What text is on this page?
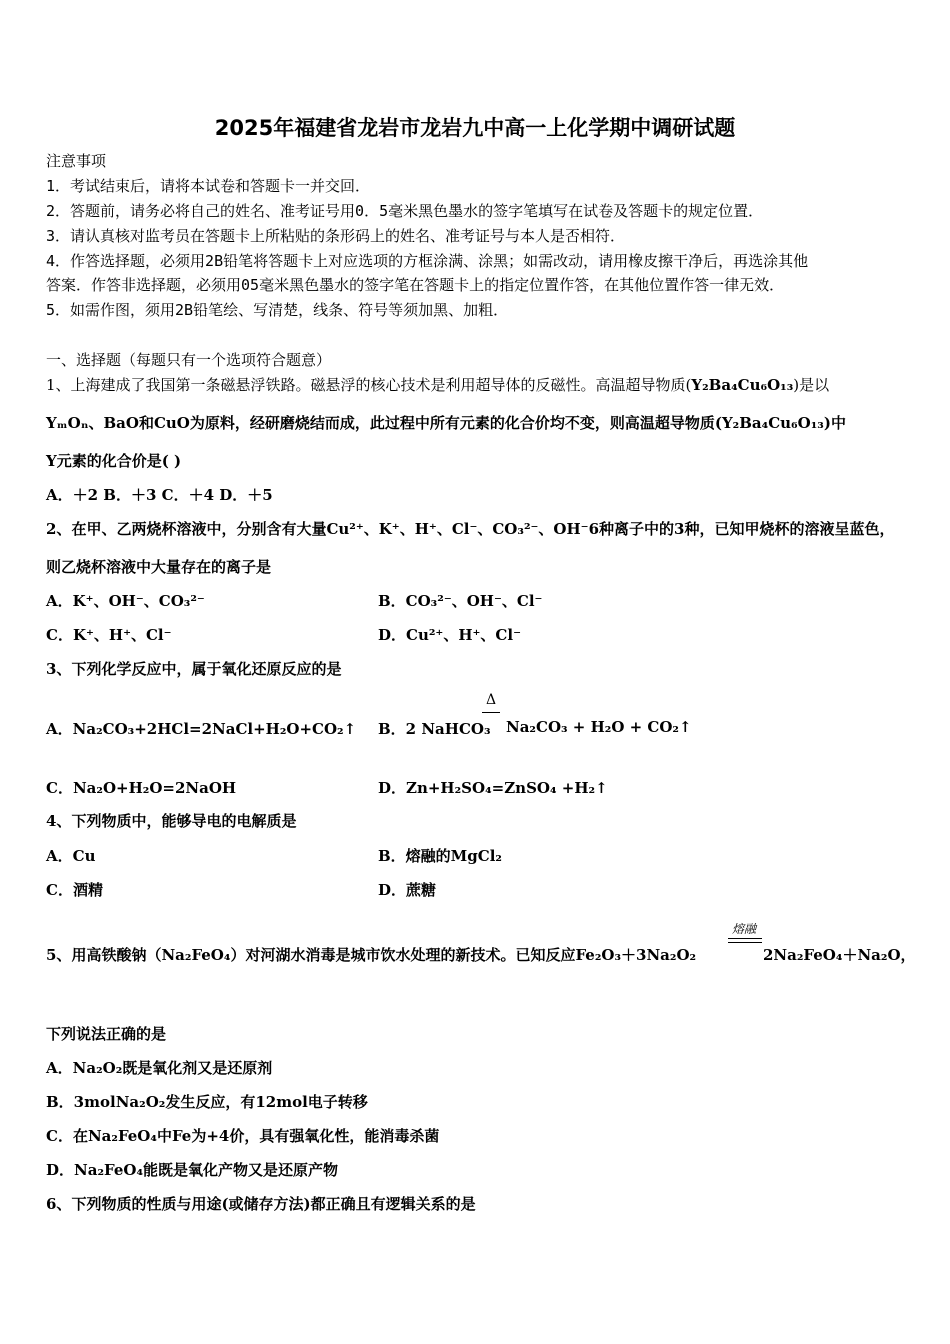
2025年福建省龙岩市龙岩九中高一上化学期中调研试题
注意事项
1．考试结束后，请将本试卷和答题卡一并交回．
2．答题前，请务必将自己的姓名、准考证号用0．5毫米黑色墨水的签字笔填写在试卷及答题卡的规定位置．
3．请认真核对监考员在答题卡上所粘贴的条形码上的姓名、准考证号与本人是否相符．
4．作答选择题，必须用2B铅笔将答题卡上对应选项的方框涂满、涂黑；如需改动，请用橡皮擦干净后，再选涂其他
答案．作答非选择题，必须用05毫米黑色墨水的签字笔在答题卡上的指定位置作答，在其他位置作答一律无效．
5．如需作图，须用2B铅笔绘、写清楚，线条、符号等须加黑、加粗．
一、选择题（每题只有一个选项符合题意）
1、上海建成了我国第一条磁悬浮铁路。磁悬浮的核心技术是利用超导体的反磁性。高温超导物质(Y₂Ba₄Cu₆O₁₃)是以
YₘOₙ、BaO和CuO为原料，经研磨烧结而成，此过程中所有元素的化合价均不变，则高温超导物质(Y₂Ba₄Cu₆O₁₃)中
Y元素的化合价是( )
A．＋2 B．＋3 C．＋4 D．＋5
2、在甲、乙两烧杯溶液中，分别含有大量Cu²⁺、K⁺、H⁺、Cl⁻、CO₃²⁻、OH⁻6种离子中的3种，已知甲烧杯的溶液呈蓝色，
则乙烧杯溶液中大量存在的离子是
A．K⁺、OH⁻、CO₃²⁻	B．CO₃²⁻、OH⁻、Cl⁻
C．K⁺、H⁺、Cl⁻	D．Cu²⁺、H⁺、Cl⁻
3、下列化学反应中，属于氧化还原反应的是
A．Na₂CO₃+2HCl=2NaCl+H₂O+CO₂↑ B．2 NaHCO₃
Δ
Na₂CO₃ + H₂O + CO₂↑
C．Na₂O+H₂O=2NaOH	D．Zn+H₂SO₄=ZnSO₄ +H₂↑
4、下列物质中，能够导电的电解质是
A．Cu	B．熔融的MgCl₂
C．酒精	D．蔗糖
5、用高铁酸钠（Na₂FeO₄）对河湖水消毒是城市饮水处理的新技术。已知反应Fe₂O₃＋3Na₂O₂
熔融
2Na₂FeO₄＋Na₂O，
下列说法正确的是
A．Na₂O₂既是氧化剂又是还原剂
B．3molNa₂O₂发生反应，有12mol电子转移
C．在Na₂FeO₄中Fe为+4价，具有强氧化性，能消毒杀菌
D．Na₂FeO₄能既是氧化产物又是还原产物
6、下列物质的性质与用途(或储存方法)都正确且有逻辑关系的是
